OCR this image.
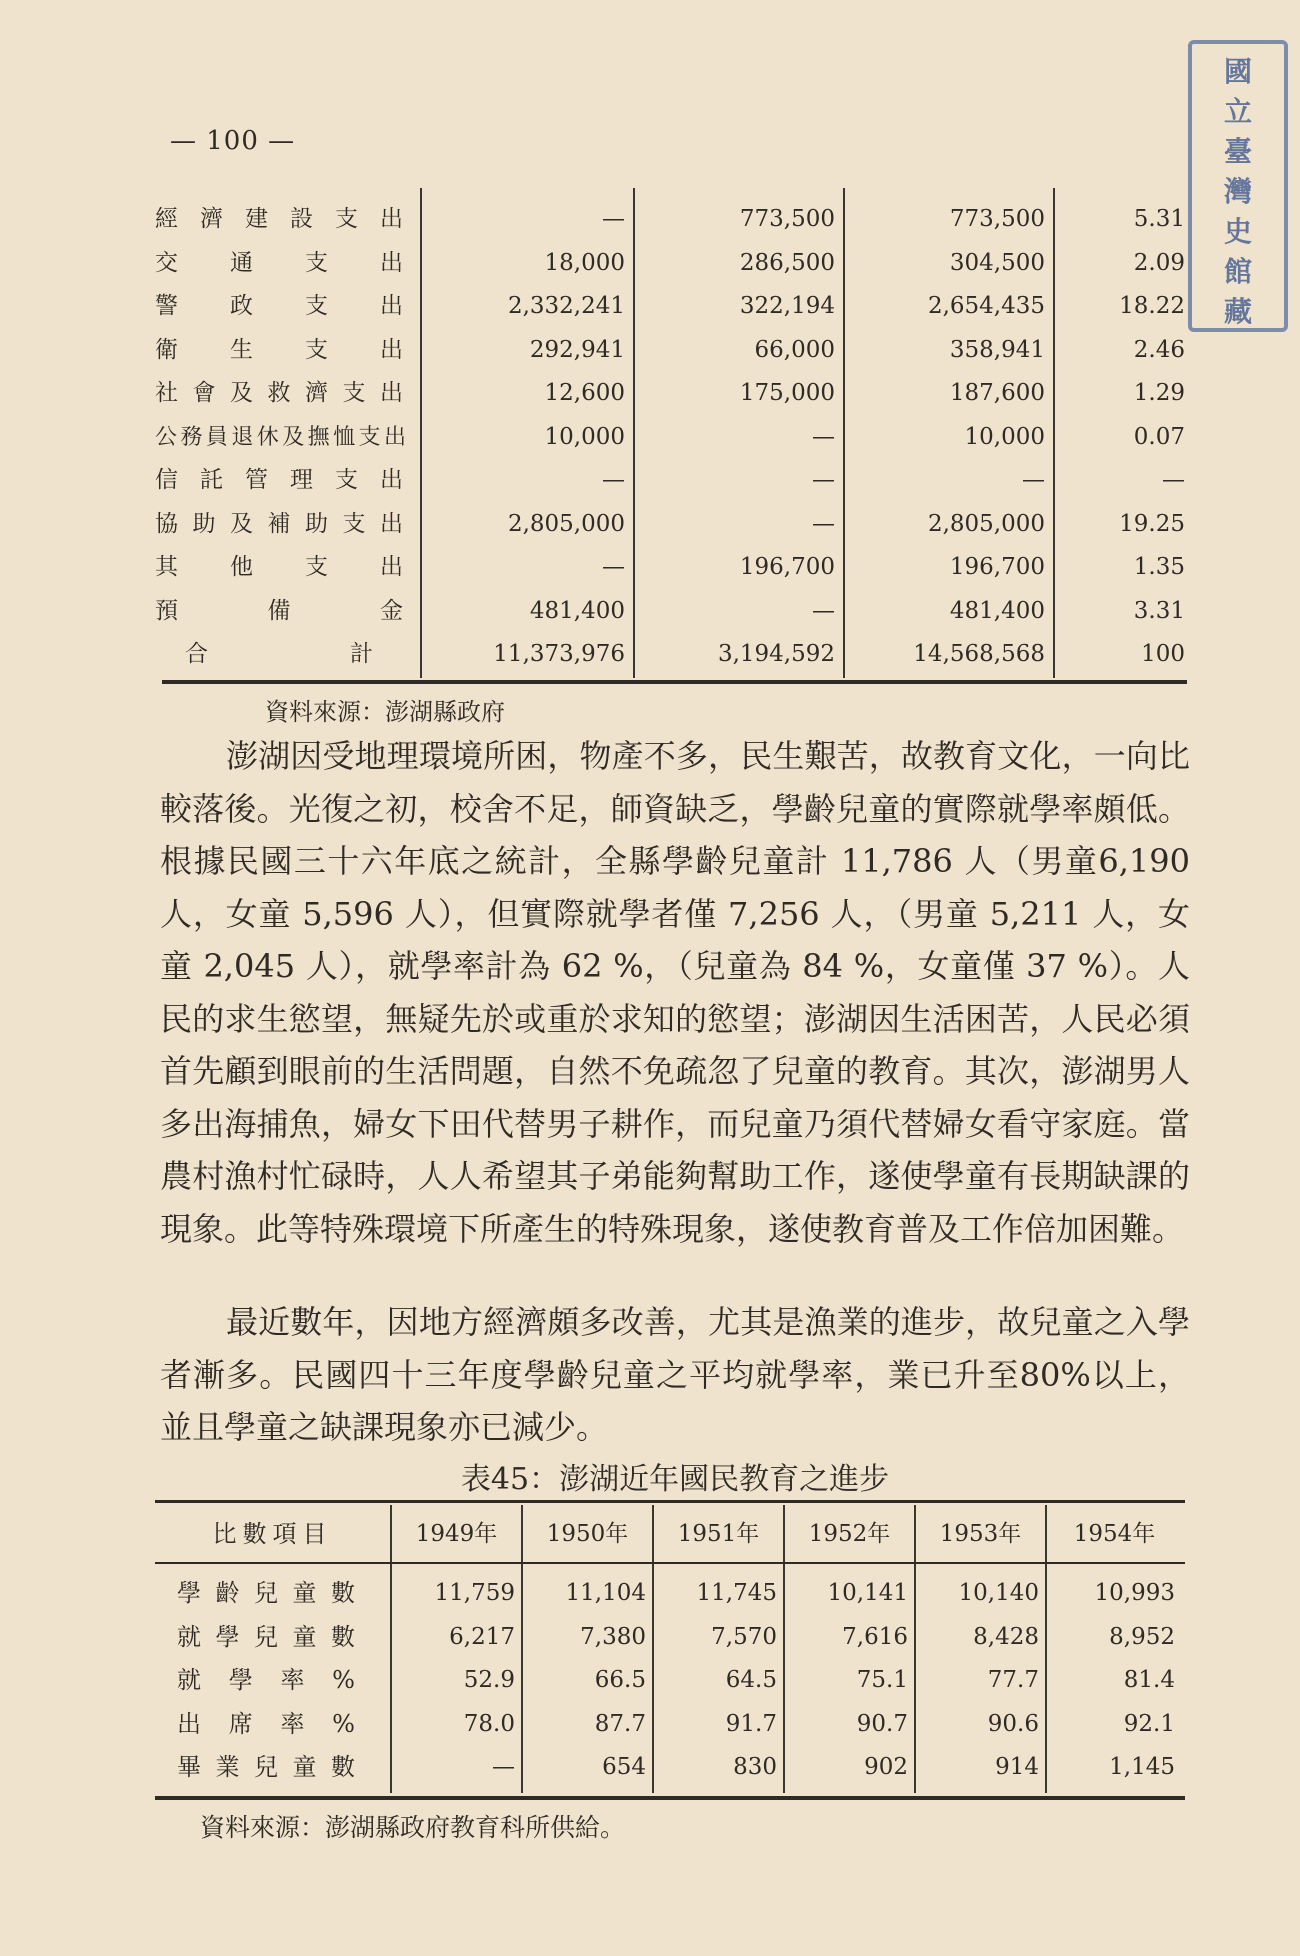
— 100 —
國
立
臺
灣
史
館
藏
經濟建設支出	—	773,500	773,500	5.31
交通支出	18,000	286,500	304,500	2.09
警政支出	2,332,241	322,194	2,654,435	18.22
衛生支出	292,941	66,000	358,941	2.46
社會及救濟支出	12,600	175,000	187,600	1.29
公務員退休及撫恤支出	10,000	—	10,000	0.07
信託管理支出	—	—	—	—
協助及補助支出	2,805,000	—	2,805,000	19.25
其他支出	—	196,700	196,700	1.35
預備金	481,400	—	481,400	3.31
合計	11,373,976	3,194,592	14,568,568	100
資料來源：澎湖縣政府
澎湖因受地理環境所困，物產不多，民生艱苦，故教育文化，一向比較落後。光復之初，校舍不足，師資缺乏，學齡兒童的實際就學率頗低。根據民國三十六年底之統計，全縣學齡兒童計 11,786 人（男童6,190人，女童 5,596 人），但實際就學者僅 7,256 人，（男童 5,211 人，女童 2,045 人），就學率計為 62 %，（兒童為 84 %，女童僅 37 %）。人民的求生慾望，無疑先於或重於求知的慾望；澎湖因生活困苦，人民必須首先顧到眼前的生活問題，自然不免疏忽了兒童的教育。其次，澎湖男人多出海捕魚，婦女下田代替男子耕作，而兒童乃須代替婦女看守家庭。當農村漁村忙碌時，人人希望其子弟能夠幫助工作，遂使學童有長期缺課的現象。此等特殊環境下所產生的特殊現象，遂使教育普及工作倍加困難。
最近數年，因地方經濟頗多改善，尤其是漁業的進步，故兒童之入學者漸多。民國四十三年度學齡兒童之平均就學率，業已升至80%以上，並且學童之缺課現象亦已減少。
表45：澎湖近年國民教育之進步
比數項目	1949年	1950年	1951年	1952年	1953年	1954年
學齡兒童數	11,759	11,104	11,745	10,141	10,140	10,993
就學兒童數	6,217	7,380	7,570	7,616	8,428	8,952
就學率%	52.9	66.5	64.5	75.1	77.7	81.4
出席率%	78.0	87.7	91.7	90.7	90.6	92.1
畢業兒童數	—	654	830	902	914	1,145
資料來源：澎湖縣政府教育科所供給。
